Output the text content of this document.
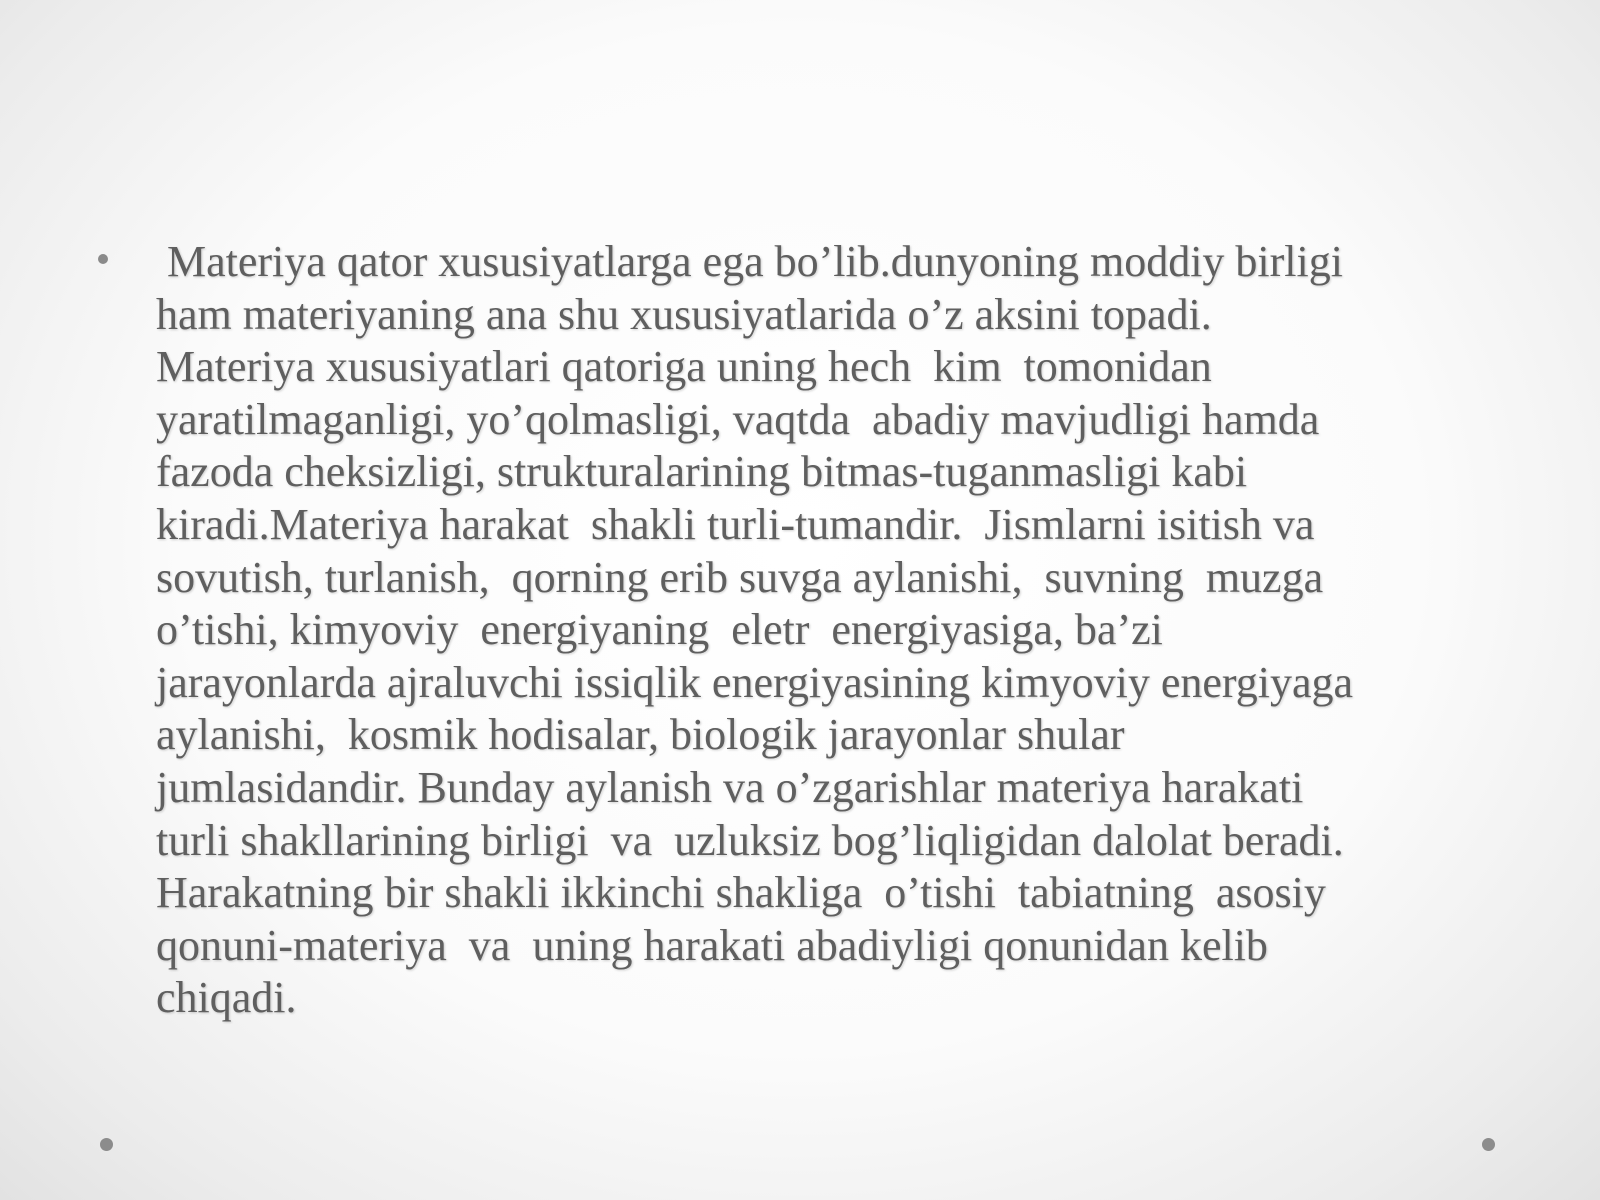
Materiya qator xususiyatlarga ega bo’lib.dunyoning moddiy birligi
ham materiyaning ana shu xususiyatlarida o’z aksini topadi.
Materiya xususiyatlari qatoriga uning hech  kim  tomonidan
yaratilmaganligi, yo’qolmasligi, vaqtda  abadiy mavjudligi hamda
fazoda cheksizligi, strukturalarining bitmas-tuganmasligi kabi
kiradi.Materiya harakat  shakli turli-tumandir.  Jismlarni isitish va
sovutish, turlanish,  qorning erib suvga aylanishi,  suvning  muzga
o’tishi, kimyoviy  energiyaning  eletr  energiyasiga, ba’zi
jarayonlarda ajraluvchi issiqlik energiyasining kimyoviy energiyaga
aylanishi,  kosmik hodisalar, biologik jarayonlar shular
jumlasidandir. Bunday aylanish va o’zgarishlar materiya harakati
turli shakllarining birligi  va  uzluksiz bog’liqligidan dalolat beradi.
Harakatning bir shakli ikkinchi shakliga  o’tishi  tabiatning  asosiy
qonuni-materiya  va  uning harakati abadiyligi qonunidan kelib
chiqadi.
